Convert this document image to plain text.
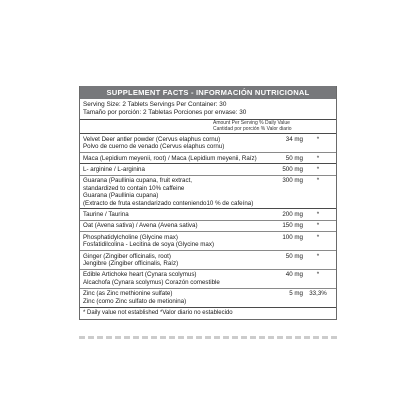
SUPPLEMENT FACTS - INFORMACIÓN NUTRICIONAL
Serving Size: 2 Tablets Servings Per Container: 30
Tamaño por porción: 2 Tabletas Porciones por envase: 30
Amount Per Serving % Daily Value
Cantidad por porción % Valor diario
Velvet Deer antler powder (Cervus elaphus cornu)
Polvo de cuerno de venado (Cervus elaphus cornu)
34 mg	*
Maca (Lepidium meyenii, root) / Maca (Lepidium meyenii, Raíz)	50 mg	*
L- arginine / L-arginina	500 mg	*
Guarana (Paullinia cupana, fruit extract,
standardized to contain 10% caffeine
Guarana (Paullinia cupana)
(Extracto de fruta estandarizado conteniendo10 % de cafeína)
300 mg	*
Taurine / Taurina	200 mg	*
Oat (Avena sativa) / Avena (Avena sativa)	150 mg	*
Phosphatidylcholine (Glycine max)
Fosfatidilcolina - Lecitina de soya (Glycine max)
100 mg	*
Ginger (Zingiber officinalis, root)
Jengibre (Zingiber officinalis, Raíz)
50 mg	*
Edible Artichoke heart (Cynara scolymus)
Alcachofa (Cynara scolymus) Corazón comestible
40 mg	*
Zinc (as Zinc methionine sulfate)
Zinc (como Zinc sulfato de metionina)
5 mg	33,3%
* Daily value not established *Valor diario no establecido
